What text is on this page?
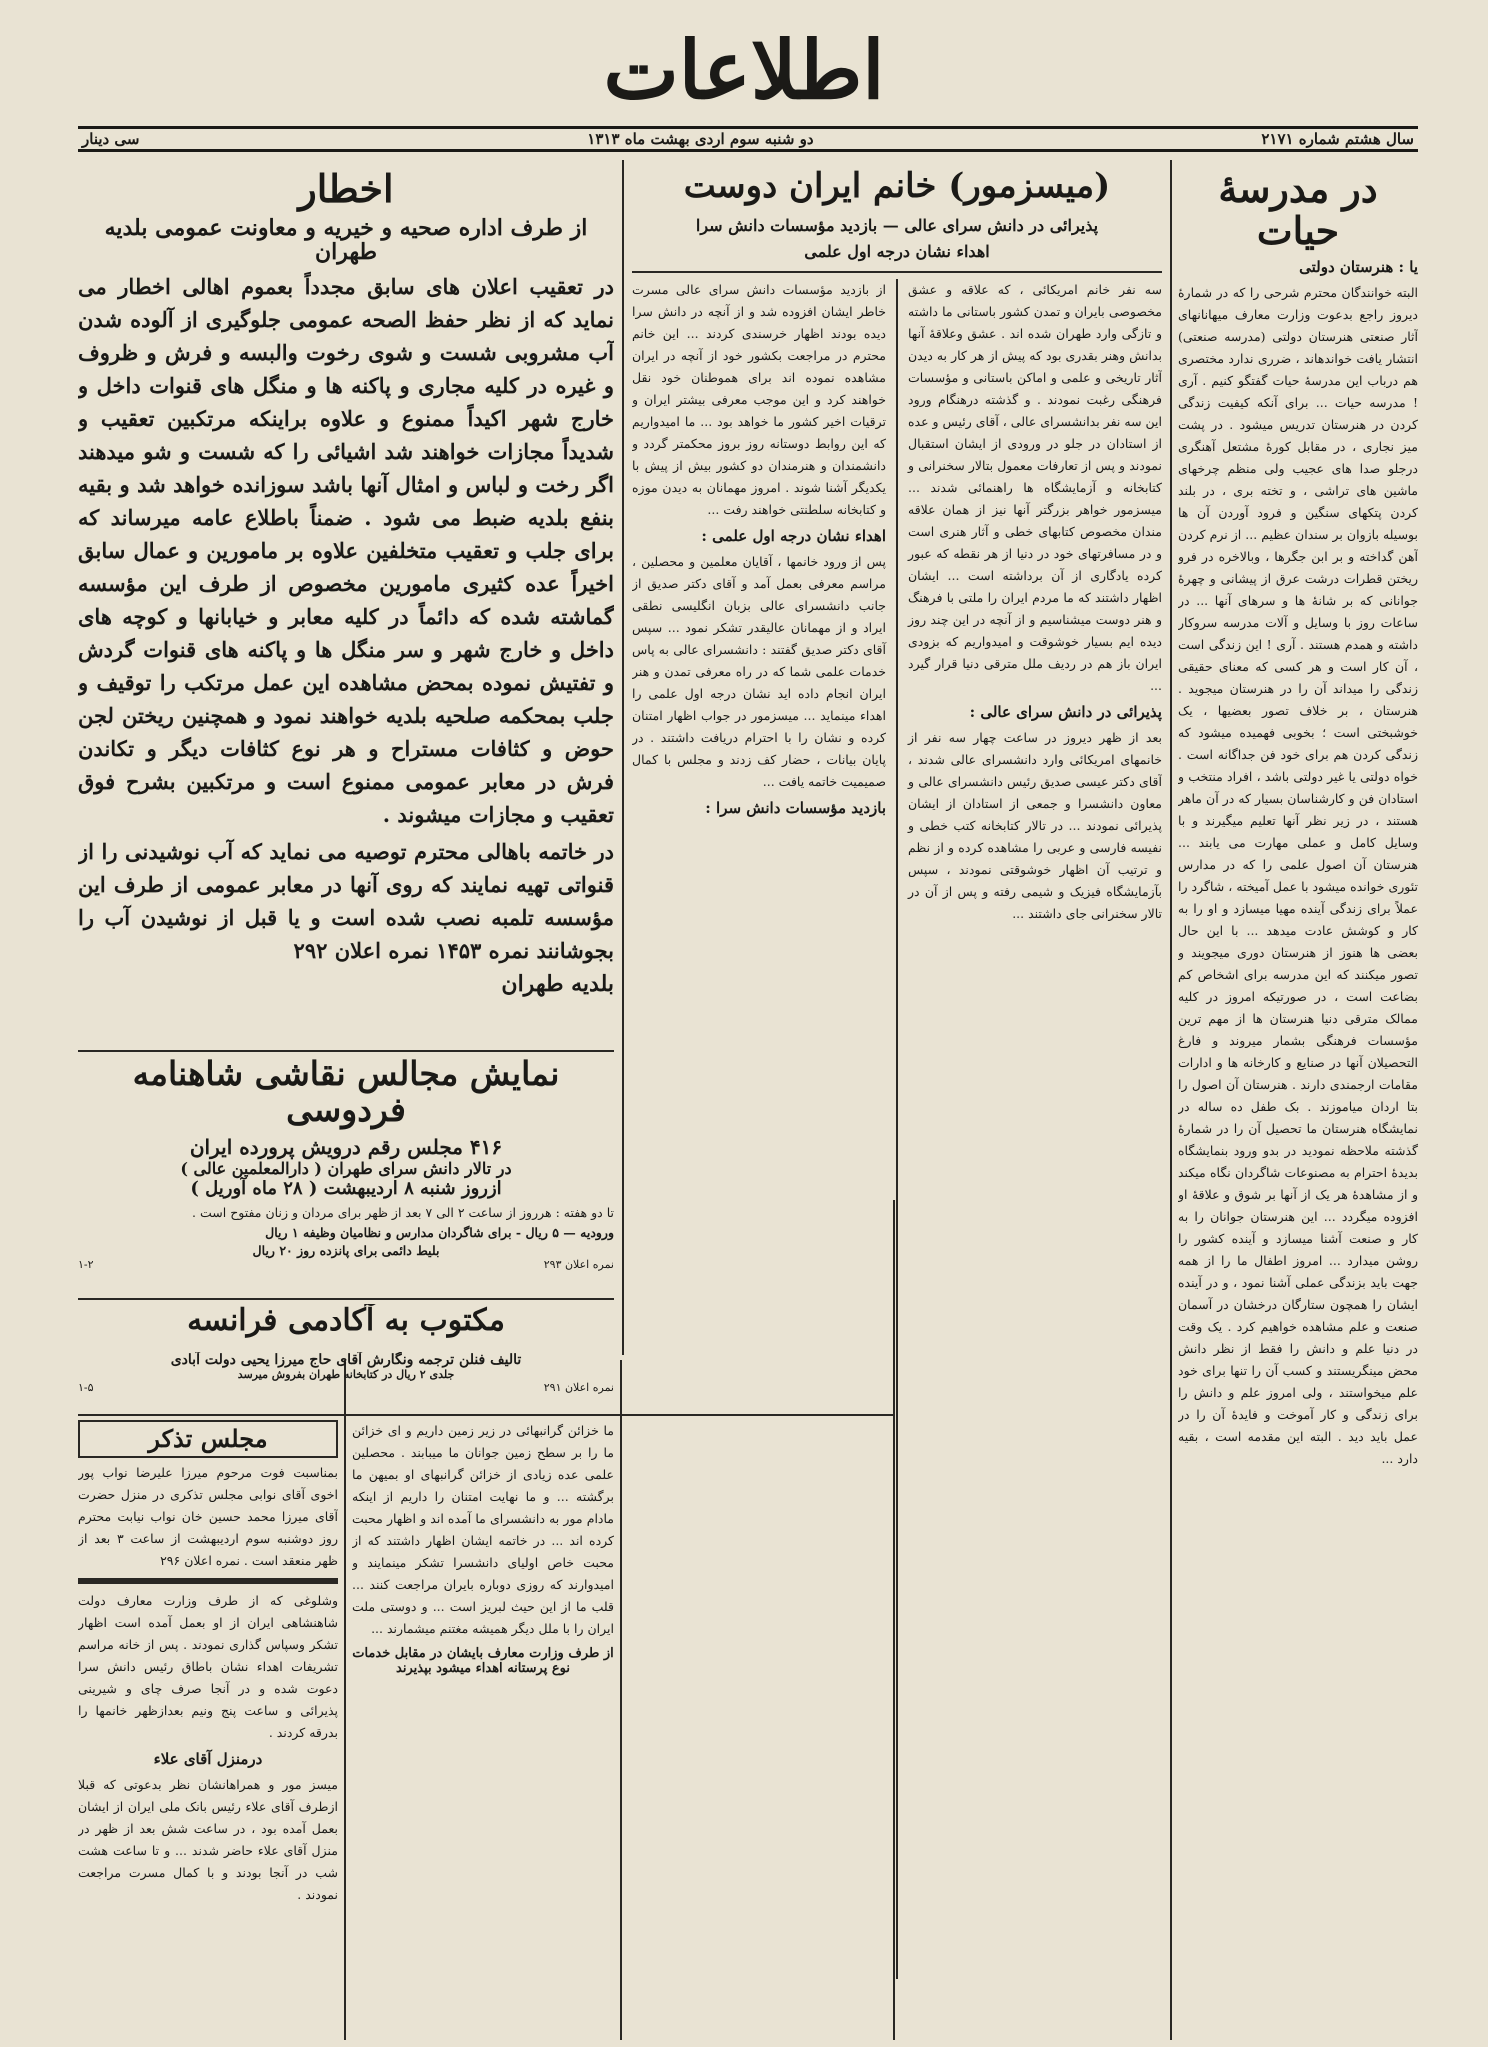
اطلاعات
سال هشتم شماره ۲۱۷۱
دو شنبه سوم اردی بهشت ماه ۱۳۱۳
سی دینار
در مدرسهٔ حیات
یا : هنرستان دولتی
البته خوانندگان محترم شرحی را که در شمارهٔ دیروز راجع بدعوت وزارت معارف میهانانهای آثار صنعتی هنرستان دولتی (مدرسه صنعتی) انتشار یافت خواندهاند ، ضرری ندارد مختصری هم درباب این مدرسهٔ حیات گفتگو کنیم . آری ! مدرسه حیات ... برای آنکه کیفیت زندگی کردن در هنرستان تدریس میشود . در پشت میز نجاری ، در مقابل کورهٔ مشتعل آهنگری درجلو صدا های عجیب ولی منظم چرخهای ماشین های تراشی ، و تخته بری ، در بلند کردن پتکهای سنگین و فرود آوردن آن ها بوسیله بازوان بر سندان عظیم ... از نرم کردن آهن گداخته و بر ابن جگرها ، وبالاخره در فرو ریختن قطرات درشت عرق از پیشانی و چهرهٔ جوانانی که بر شانهٔ ها و سرهای آنها ... در ساعات روز با وسایل و آلات مدرسه سروکار داشته و همدم هستند . آری ! این زندگی است ، آن کار است و هر کسی که معنای حقیقی زندگی را میداند آن را در هنرستان میجوید . هنرستان ، بر خلاف تصور بعضیها ، یک خوشبختی است ؛ بخوبی فهمیده میشود که زندگی کردن هم برای خود فن جداگانه است . خواه دولتی یا غیر دولتی باشد ، افراد منتخب و استادان فن و کارشناسان بسیار که در آن ماهر هستند ، در زیر نظر آنها تعلیم میگیرند و با وسایل کامل و عملی مهارت می یابند ... هنرستان آن اصول علمی را که در مدارس تئوری خوانده میشود با عمل آمیخته ، شاگرد را عملاً برای زندگی آینده مهیا میسازد و او را به کار و کوشش عادت میدهد ... با این حال بعضی ها هنوز از هنرستان دوری میجویند و تصور میکنند که این مدرسه برای اشخاص کم بضاعت است ، در صورتیکه امروز در کلیه ممالک مترقی دنیا هنرستان ها از مهم ترین مؤسسات فرهنگی بشمار میروند و فارغ التحصیلان آنها در صنایع و کارخانه ها و ادارات مقامات ارجمندی دارند . هنرستان آن اصول را بتا اردان میاموزند . بک طفل ده ساله در نمایشگاه هنرستان ما تحصیل آن را در شمارهٔ گذشته ملاحظه نمودید در بدو ورود بنمایشگاه بدیدهٔ احترام به مصنوعات شاگردان نگاه میکند و از مشاهدهٔ هر یک از آنها بر شوق و علاقهٔ او افزوده میگردد ... این هنرستان جوانان را به کار و صنعت آشنا میسازد و آینده کشور را روشن میدارد ... امروز اطفال ما را از همه جهت باید بزندگی عملی آشنا نمود ، و در آینده ایشان را همچون ستارگان درخشان در آسمان صنعت و علم مشاهده خواهیم کرد . یک وقت در دنیا علم و دانش را فقط از نظر دانش محض مینگریستند و کسب آن را تنها برای خود علم میخواستند ، ولی امروز علم و دانش را برای زندگی و کار آموخت و فایدهٔ آن را در عمل باید دید . البته این مقدمه است ، بقیه دارد ...
(میسزمور) خانم ایران دوست
پذیرائی در دانش سرای عالی — بازدید مؤسسات دانش سرا
اهداء نشان درجه اول علمی
سه نفر خانم امریکائی ، که علاقه و عشق مخصوصی بایران و تمدن کشور باستانی ما داشته و تازگی وارد طهران شده اند . عشق وعلاقهٔ آنها بدانش وهنر بقدری بود که پیش از هر کار به دیدن آثار تاریخی و علمی و اماکن باستانی و مؤسسات فرهنگی رغبت نمودند . و گذشته درهنگام ورود این سه نفر بدانشسرای عالی ، آقای رئیس و عده از استادان در جلو در ورودی از ایشان استقبال نمودند و پس از تعارفات معمول بتالار سخنرانی و کتابخانه و آزمایشگاه ها راهنمائی شدند ... میسزمور خواهر بزرگتر آنها نیز از همان علاقه مندان مخصوص کتابهای خطی و آثار هنری است و در مسافرتهای خود در دنیا از هر نقطه که عبور کرده یادگاری از آن برداشته است ... ایشان اظهار داشتند که ما مردم ایران را ملتی با فرهنگ و هنر دوست میشناسیم و از آنچه در این چند روز دیده ایم بسیار خوشوقت و امیدواریم که بزودی ایران باز هم در ردیف ملل مترقی دنیا قرار گیرد ...
پذیرائی در دانش سرای عالی :
بعد از ظهر دیروز در ساعت چهار سه نفر از خانمهای امریکائی وارد دانشسرای عالی شدند ، آقای دکتر عیسی صدیق رئیس دانشسرای عالی و معاون دانشسرا و جمعی از استادان از ایشان پذیرائی نمودند ... در تالار کتابخانه کتب خطی و نفیسه فارسی و عربی را مشاهده کرده و از نظم و ترتیب آن اظهار خوشوقتی نمودند ، سپس بآزمایشگاه فیزیک و شیمی رفته و پس از آن در تالار سخنرانی جای داشتند ...
از بازدید مؤسسات دانش سرای عالی مسرت خاطر ایشان افزوده شد و از آنچه در دانش سرا دیده بودند اظهار خرسندی کردند ... این خانم محترم در مراجعت بکشور خود از آنچه در ایران مشاهده نموده اند برای هموطنان خود نقل خواهند کرد و این موجب معرفی بیشتر ایران و ترقیات اخیر کشور ما خواهد بود ... ما امیدواریم که این روابط دوستانه روز بروز محکمتر گردد و دانشمندان و هنرمندان دو کشور بیش از پیش با یکدیگر آشنا شوند . امروز مهمانان به دیدن موزه و کتابخانه سلطنتی خواهند رفت ...
اهداء نشان درجه اول علمی :
پس از ورود خانمها ، آقایان معلمین و محصلین ، مراسم معرفی بعمل آمد و آقای دکتر صدیق از جانب دانشسرای عالی بزبان انگلیسی نطقی ایراد و از مهمانان عالیقدر تشکر نمود ... سپس آقای دکتر صدیق گفتند : دانشسرای عالی به پاس خدمات علمی شما که در راه معرفی تمدن و هنر ایران انجام داده اید نشان درجه اول علمی را اهداء مینماید ... میسزمور در جواب اظهار امتنان کرده و نشان را با احترام دریافت داشتند . در پایان بیانات ، حضار کف زدند و مجلس با کمال صمیمیت خاتمه یافت ...
بازدید مؤسسات دانش سرا :
اخطار
از طرف اداره صحیه و خیریه و معاونت عمومی بلدیه طهران
در تعقیب اعلان های سابق مجدداً بعموم اهالی اخطار می نماید که از نظر حفظ الصحه عمومی جلوگیری از آلوده شدن آب مشروبی شست و شوی رخوت والبسه و فرش و ظروف و غیره در کلیه مجاری و پاکنه ها و منگل های قنوات داخل و خارج شهر اکیداً ممنوع و علاوه براینکه مرتکبین تعقیب و شدیداً مجازات خواهند شد اشیائی را که شست و شو میدهند اگر رخت و لباس و امثال آنها باشد سوزانده خواهد شد و بقیه بنفع بلدیه ضبط می شود . ضمناً باطلاع عامه میرساند که برای جلب و تعقیب متخلفین علاوه بر مامورین و عمال سابق اخیراً عده کثیری مامورین مخصوص از طرف این مؤسسه گماشته شده که دائماً در کلیه معابر و خیابانها و کوچه های داخل و خارج شهر و سر منگل ها و پاکنه های قنوات گردش و تفتیش نموده بمحض مشاهده این عمل مرتکب را توقیف و جلب بمحکمه صلحیه بلدیه خواهند نمود و همچنین ریختن لجن حوض و کثافات مستراح و هر نوع کثافات دیگر و تکاندن فرش در معابر عمومی ممنوع است و مرتکبین بشرح فوق تعقیب و مجازات میشوند .
در خاتمه باهالی محترم توصیه می نماید که آب نوشیدنی را از قنواتی تهیه نمایند که روی آنها در معابر عمومی از طرف این مؤسسه تلمبه نصب شده است و یا قبل از نوشیدن آب را بجوشانند نمره ۱۴۵۳ نمره اعلان ۲۹۲
بلدیه طهران
نمایش مجالس نقاشی شاهنامه فردوسی
۴۱۶ مجلس رقم درویش پرورده ایران
در تالار دانش سرای طهران ( دارالمعلمین عالی )
ازروز شنبه ۸ اردیبهشت ( ۲۸ ماه آوریل )
تا دو هفته : هرروز از ساعت ۲ الی ۷ بعد از ظهر برای مردان و زنان مفتوح است .
ورودیه — ۵ ریال - برای شاگردان مدارس و نظامیان وظیفه ۱ ریال
بلیط دائمی برای پانزده روز ۲۰ ریال
نمره اعلان ۲۹۳
۱-۲
مکتوب به آکادمی فرانسه
تالیف فنلن ترجمه ونگارش آقای حاج میرزا یحیی دولت آبادی
جلدی ۲ ریال در کتابخانه طهران بفروش میرسد
نمره اعلان ۲۹۱
۱-۵
ما خزائن گرانبهائی در زیر زمین داریم و ای خزائن ما را بر سطح زمین جوانان ما میبابند . محصلین علمی عده زیادی از خزائن گرانبهای او بمیهن ما برگشته ... و ما نهایت امتنان را داریم از اینکه مادام مور به دانشسرای ما آمده اند و اظهار محبت کرده اند ... در خاتمه ایشان اظهار داشتند که از محبت خاص اولیای دانشسرا تشکر مینمایند و امیدوارند که روزی دوباره بایران مراجعت کنند ... قلب ما از این حیث لبریز است ... و دوستی ملت ایران را با ملل دیگر همیشه مغتنم میشمارند ...
از طرف وزارت معارف بایشان در مقابل خدمات نوع پرستانه اهداء میشود بپذیرند
مجلس تذکر
بمناسبت فوت مرحوم میرزا علیرضا نواب پور اخوی آقای نوابی مجلس تذکری در منزل حضرت آقای میرزا محمد حسین خان نواب نیابت محترم روز دوشنبه سوم اردیبهشت از ساعت ۳ بعد از ظهر منعقد است . نمره اعلان ۲۹۶
وشلوغی که از طرف وزارت معارف دولت شاهنشاهی ایران از او بعمل آمده است اظهار تشکر وسپاس گذاری نمودند . پس از خانه مراسم تشریفات اهداء نشان باطاق رئیس دانش سرا دعوت شده و در آنجا صرف چای و شیرینی پذیرائی و ساعت پنج ونیم بعدازظهر خانمها را بدرقه کردند .
درمنزل آقای علاء
میسز مور و همراهانشان نظر بدعوتی که قبلا ازطرف آقای علاء رئیس بانک ملی ایران از ایشان بعمل آمده بود ، در ساعت شش بعد از ظهر در منزل آقای علاء حاضر شدند ... و تا ساعت هشت شب در آنجا بودند و با کمال مسرت مراجعت نمودند .
